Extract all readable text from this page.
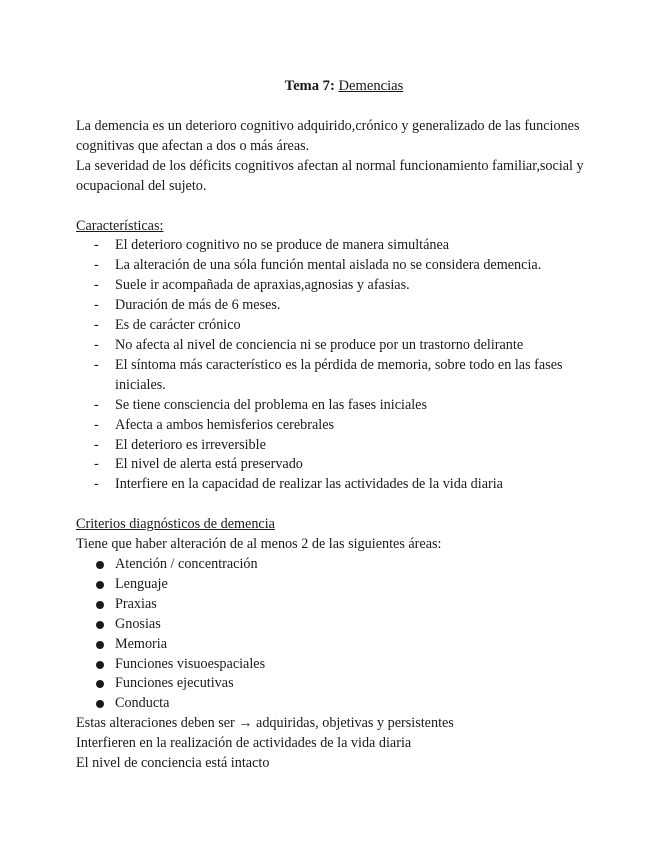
Tema 7: Demencias

La demencia es un deterioro cognitivo adquirido,crónico y generalizado de las funciones cognitivas que afectan a dos o más áreas.

La severidad de los déficits cognitivos afectan al normal funcionamiento familiar,social y ocupacional del sujeto.

Características:

- El deterioro cognitivo no se produce de manera simultánea
- La alteración de una sóla función mental aislada no se considera demencia.
- Suele ir acompañada de apraxias,agnosias y afasias.
- Duración de más de 6 meses.
- Es de carácter crónico
- No afecta al nivel de conciencia ni se produce por un trastorno delirante
- El síntoma más característico es la pérdida de memoria, sobre todo en las fases iniciales.
- Se tiene consciencia del problema en las fases iniciales
- Afecta a ambos hemisferios cerebrales
- El deterioro es irreversible
- El nivel de alerta está preservado
- Interfiere en la capacidad de realizar las actividades de la vida diaria

Criterios diagnósticos de demencia

Tiene que haber alteración de al menos 2 de las siguientes áreas:

Atención / concentración
Lenguaje
Praxias
Gnosias
Memoria
Funciones visuoespaciales
Funciones ejecutivas
Conducta

Estas alteraciones deben ser → adquiridas, objetivas y persistentes

Interfieren en la realización de actividades de la vida diaria

El nivel de conciencia está intacto
